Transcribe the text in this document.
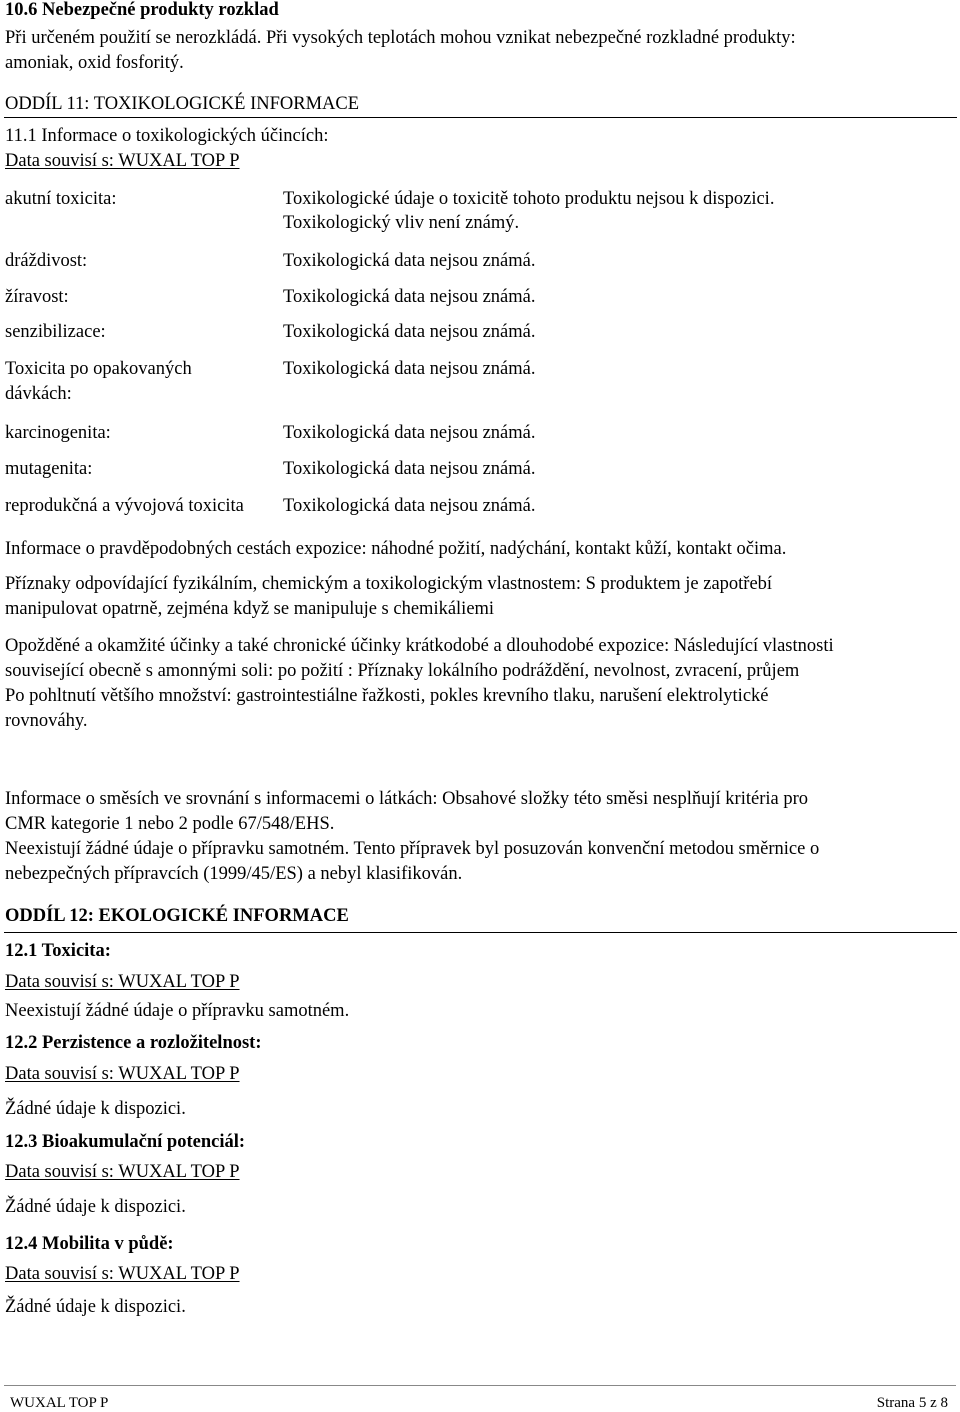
10.6 Nebezpečné produkty rozklad
Při určeném použití se nerozkládá. Při vysokých teplotách mohou vznikat nebezpečné rozkladné produkty:
amoniak, oxid fosforitý.
ODDÍL 11: TOXIKOLOGICKÉ INFORMACE
11.1 Informace o toxikologických účincích:
Data souvisí s: WUXAL TOP P
akutní toxicita:	Toxikologické údaje o toxicitě tohoto produktu nejsou k dispozici.
Toxikologický vliv není známý.
dráždivost:	Toxikologická data nejsou známá.
žíravost:	Toxikologická data nejsou známá.
senzibilizace:	Toxikologická data nejsou známá.
Toxicita po opakovaných
dávkách:
Toxikologická data nejsou známá.
karcinogenita:	Toxikologická data nejsou známá.
mutagenita:	Toxikologická data nejsou známá.
reprodukčná a vývojová toxicita Toxikologická data nejsou známá.
Informace o pravděpodobných cestách expozice: náhodné požití, nadýchání, kontakt kůží, kontakt očima.
Příznaky odpovídající fyzikálním, chemickým a toxikologickým vlastnostem: S produktem je zapotřebí
manipulovat opatrně, zejména když se manipuluje s chemikáliemi
Opožděné a okamžité účinky a také chronické účinky krátkodobé a dlouhodobé expozice: Následující vlastnosti
související obecně s amonnými soli: po požití : Příznaky lokálního podráždění, nevolnost, zvracení, průjem
Po pohltnutí většího množství: gastrointestiálne řažkosti, pokles krevního tlaku, narušení elektrolytické
rovnováhy.
Informace o směsích ve srovnání s informacemi o látkách: Obsahové složky této směsi nesplňují kritéria pro
CMR kategorie 1 nebo 2 podle 67/548/EHS.
Neexistují žádné údaje o přípravku samotném. Tento přípravek byl posuzován konvenční metodou směrnice o
nebezpečných přípravcích (1999/45/ES) a nebyl klasifikován.
ODDÍL 12: EKOLOGICKÉ INFORMACE
12.1 Toxicita:
Data souvisí s: WUXAL TOP P
Neexistují žádné údaje o přípravku samotném.
12.2 Perzistence a rozložitelnost:
Data souvisí s: WUXAL TOP P
Žádné údaje k dispozici.
12.3 Bioakumulační potenciál:
Data souvisí s: WUXAL TOP P
Žádné údaje k dispozici.
12.4 Mobilita v půdě:
Data souvisí s: WUXAL TOP P
Žádné údaje k dispozici.
WUXAL TOP P	Strana 5 z 8
